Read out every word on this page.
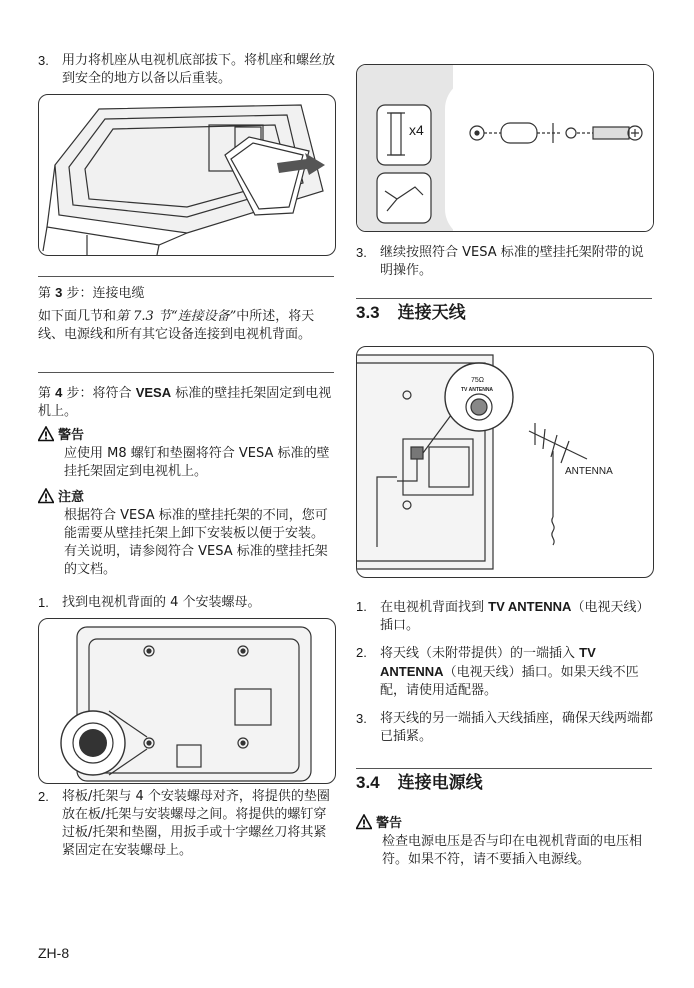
3. 用力将机座从电视机底部拔下。将机座和螺丝放到安全的地方以备以后重装。

第 3 步：连接电缆

如下面几节和第 7.3 节“连接设备”中所述，将天线、电源线和所有其它设备连接到电视机背面。

第 4 步：将符合 VESA 标准的壁挂托架固定到电视机上。

警告

应使用 M8 螺钉和垫圈将符合 VESA 标准的壁挂托架固定到电视机上。

注意

根据符合 VESA 标准的壁挂托架的不同，您可能需要从壁挂托架上卸下安装板以便于安装。有关说明，请参阅符合 VESA 标准的壁挂托架的文档。

1. 找到电视机背面的 4 个安装螺母。

2. 将板/托架与 4 个安装螺母对齐，将提供的垫圈放在板/托架与安装螺母之间。将提供的螺钉穿过板/托架和垫圈，用扳手或十字螺丝刀将其紧紧固定在安装螺母上。

x4
3. 继续按照符合 VESA 标准的壁挂托架附带的说明操作。

3.3 连接天线

75Ω
TV ANTENNA
ANTENNA
1. 在电视机背面找到 TV ANTENNA（电视天线）插口。

2. 将天线（未附带提供）的一端插入 TV ANTENNA（电视天线）插口。如果天线不匹配，请使用适配器。

3. 将天线的另一端插入天线插座，确保天线两端都已插紧。

3.4 连接电源线

警告

检查电源电压是否与印在电视机背面的电压相符。如果不符，请不要插入电源线。

ZH-8
